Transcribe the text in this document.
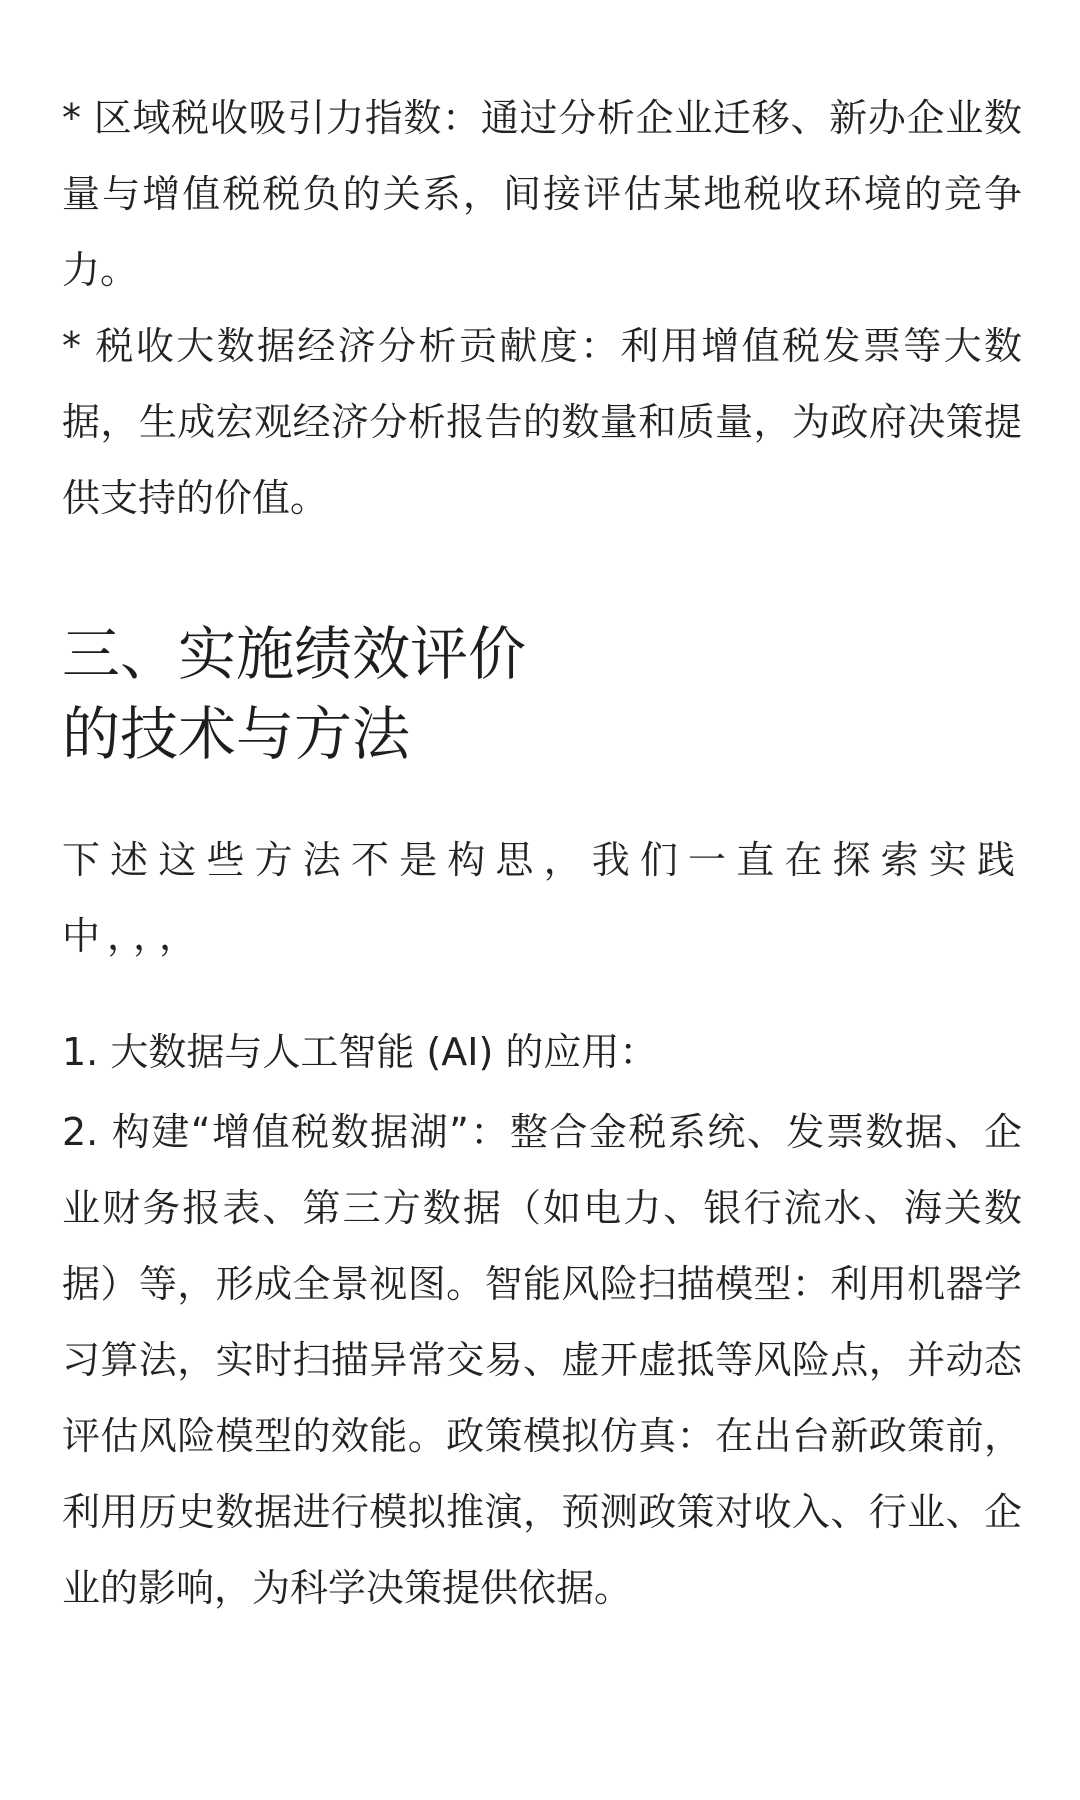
* 区域税收吸引力指数：通过分析企业迁移、新办企业数量与增值税税负的关系，间接评估某地税收环境的竞争力。

* 税收大数据经济分析贡献度：利用增值税发票等大数据，生成宏观经济分析报告的数量和质量，为政府决策提供支持的价值。

三、实施绩效评价
的技术与方法

下述这些方法不是构思，我们一直在探索实践中，，，

1. 大数据与人工智能 (AI) 的应用：

2. 构建“增值税数据湖”：整合金税系统、发票数据、企业财务报表、第三方数据（如电力、银行流水、海关数据）等，形成全景视图。智能风险扫描模型：利用机器学习算法，实时扫描异常交易、虚开虚抵等风险点，并动态评估风险模型的效能。政策模拟仿真：在出台新政策前，利用历史数据进行模拟推演，预测政策对收入、行业、企业的影响，为科学决策提供依据。
